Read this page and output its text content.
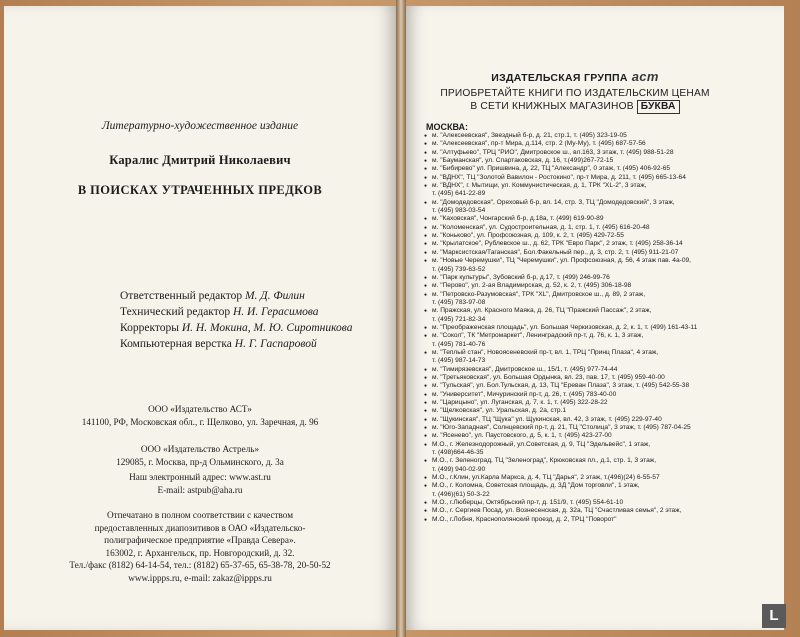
Литературно-художественное издание
Каралис Дмитрий Николаевич
В ПОИСКАХ УТРАЧЕННЫХ ПРЕДКОВ
Ответственный редактор М. Д. Филин
Технический редактор Н. И. Герасимова
Корректоры И. Н. Мокина, М. Ю. Сиротникова
Компьютерная верстка Н. Г. Гаспаровой
ООО «Издательство АСТ»
141100, РФ, Московская обл., г. Щелково, ул. Заречная, д. 96
ООО «Издательство Астрель»
129085, г. Москва, пр-д Ольминского, д. 3а
Наш электронный адрес: www.ast.ru
E-mail: astpub@aha.ru
Отпечатано в полном соответствии с качеством
предоставленных диапозитивов в ОАО «Издательско-
полиграфическое предприятие «Правда Севера».
163002, г. Архангельск, пр. Новгородский, д. 32.
Тел./факс (8182) 64-14-54, тел.: (8182) 65-37-65, 65-38-78, 20-50-52
www.ippps.ru, e-mail: zakaz@ippps.ru
ИЗДАТЕЛЬСКАЯ ГРУППА аст
ПРИОБРЕТАЙТЕ КНИГИ ПО ИЗДАТЕЛЬСКИМ ЦЕНАМ
В СЕТИ КНИЖНЫХ МАГАЗИНОВ БУКВА
МОСКВА:
● м. "Алексеевская", Звездный б-р, д. 21, стр.1, т. (495) 323-19-05
● м. "Алексеевская", пр-т Мира, д.114, стр. 2 (Му-Му), т. (495) 687-57-56
● м. "Алтуфьево", ТРЦ "РИО", Дмитровское ш., вл.163, 3 этаж, т. (495) 988-51-28
● м. "Бауманская", ул. Спартаковская, д. 16, т.(499)267-72-15
● м. "Бибирево" ул. Пришвина, д. 22, ТЦ "Александр", 0 этаж, т. (495) 406-92-65
● м. "ВДНХ", ТЦ "Золотой Вавилон - Ростокино", пр-т Мира, д. 211, т. (495) 665-13-64
● м. "ВДНХ", г. Мытищи, ул. Коммунистическая, д. 1, ТРК "XL-2", 3 этаж,
т. (495) 641-22-89
● м. "Домодедовская", Ореховый б-р, вл. 14, стр. 3, ТЦ "Домодедовский", 3 этаж,
т. (495) 983-03-54
● м. "Каховская", Чонгарский б-р, д.18а, т. (499) 619-90-89
● м. "Коломенская", ул. Судостроительная, д. 1, стр. 1, т. (495) 616-20-48
● м. "Коньково", ул. Профсоюзная, д. 109, к. 2, т. (495) 429-72-55
● м. "Крылатское", Рублевское ш., д. 62, ТРК "Евро Парк", 2 этаж, т. (495) 258-36-14
● м. "Марксистская/Таганская", Бол.Факельный пер., д. 3, стр. 2, т. (495) 911-21-07
● м. "Новые Черемушки", ТЦ "Черемушки", ул. Профсоюзная, д. 56, 4 этаж пав. 4а-09,
т. (495) 739-63-52
● м. "Парк культуры", Зубовский б-р, д.17, т. (499) 246-99-76
● м. "Перово", ул. 2-ая Владимирская, д. 52, к. 2, т. (495) 306-18-98
● м. "Петровско-Разумовская", ТРК "XL", Дмитровское ш., д. 89, 2 этаж,
т. (495) 783-97-08
● м. Пражская, ул. Красного Маяка, д. 26, ТЦ "Пражский Пассаж", 2 этаж,
т. (495) 721-82-34
● м. "Преображенская площадь", ул. Большая Черкизовская, д. 2, к. 1, т. (499) 161-43-11
● м. "Сокол", ТК "Метромаркет", Ленинградский пр-т, д. 76, к. 1, 3 этаж,
т. (495) 781-40-76
● м. "Теплый стан", Новоясеневский пр-т, вл. 1, ТРЦ "Принц Плаза", 4 этаж,
т. (495) 987-14-73
● м. "Тимирязевская", Дмитровское ш., 15/1, т. (495) 977-74-44
● м. "Третьяковская", ул. Большая Ордынка, вл. 23, пав. 17, т. (495) 959-40-00
● м. "Тульская", ул. Бол.Тульская, д. 13, ТЦ "Ереван Плаза", 3 этаж, т. (495) 542-55-38
● м. "Университет", Мичуринский пр-т, д. 26, т. (495) 783-40-00
● м. "Царицыно", ул. Луганская, д. 7, к. 1, т. (495) 322-28-22
● м. "Щелковская", ул. Уральская, д. 2а, стр.1
● м. "Щукинская", ТЦ "Щука" ул. Щукинская, вл. 42, 3 этаж, т. (495) 229-97-40
● м. "Юго-Западная", Солнцевский пр-т, д. 21, ТЦ "Столица", 3 этаж, т. (495) 787-04-25
● м. "Ясенево", ул. Паустовского, д. 5, к. 1, т. (495) 423-27-00
● М.О., г. Железнодорожный, ул.Советская, д. 9, ТЦ "Эдельвейс", 1 этаж,
т. (498)664-46-35
● М.О., г. Зеленоград, ТЦ "Зеленоград", Крюковская пл., д.1, стр. 1, 3 этаж,
т. (499) 940-02-90
● М.О., г.Клин, ул.Карла Маркса, д. 4, ТЦ "Дарья", 2 этаж, т.(496)(24) 6-55-57
● М.О., г. Коломна, Советская площадь, д. 3Д "Дом торговли", 1 этаж,
т. (496)(61) 50-3-22
● М.О., г.Люберцы, Октябрьский пр-т, д. 151/9, т. (495) 554-61-10
● М.О., г. Сергиев Посад, ул. Вознесенская, д. 32а, ТЦ "Счастливая семья", 2 этаж,
● М.О., г.Лобня, Краснополянский проезд, д. 2, ТРЦ "Поворот"
L
